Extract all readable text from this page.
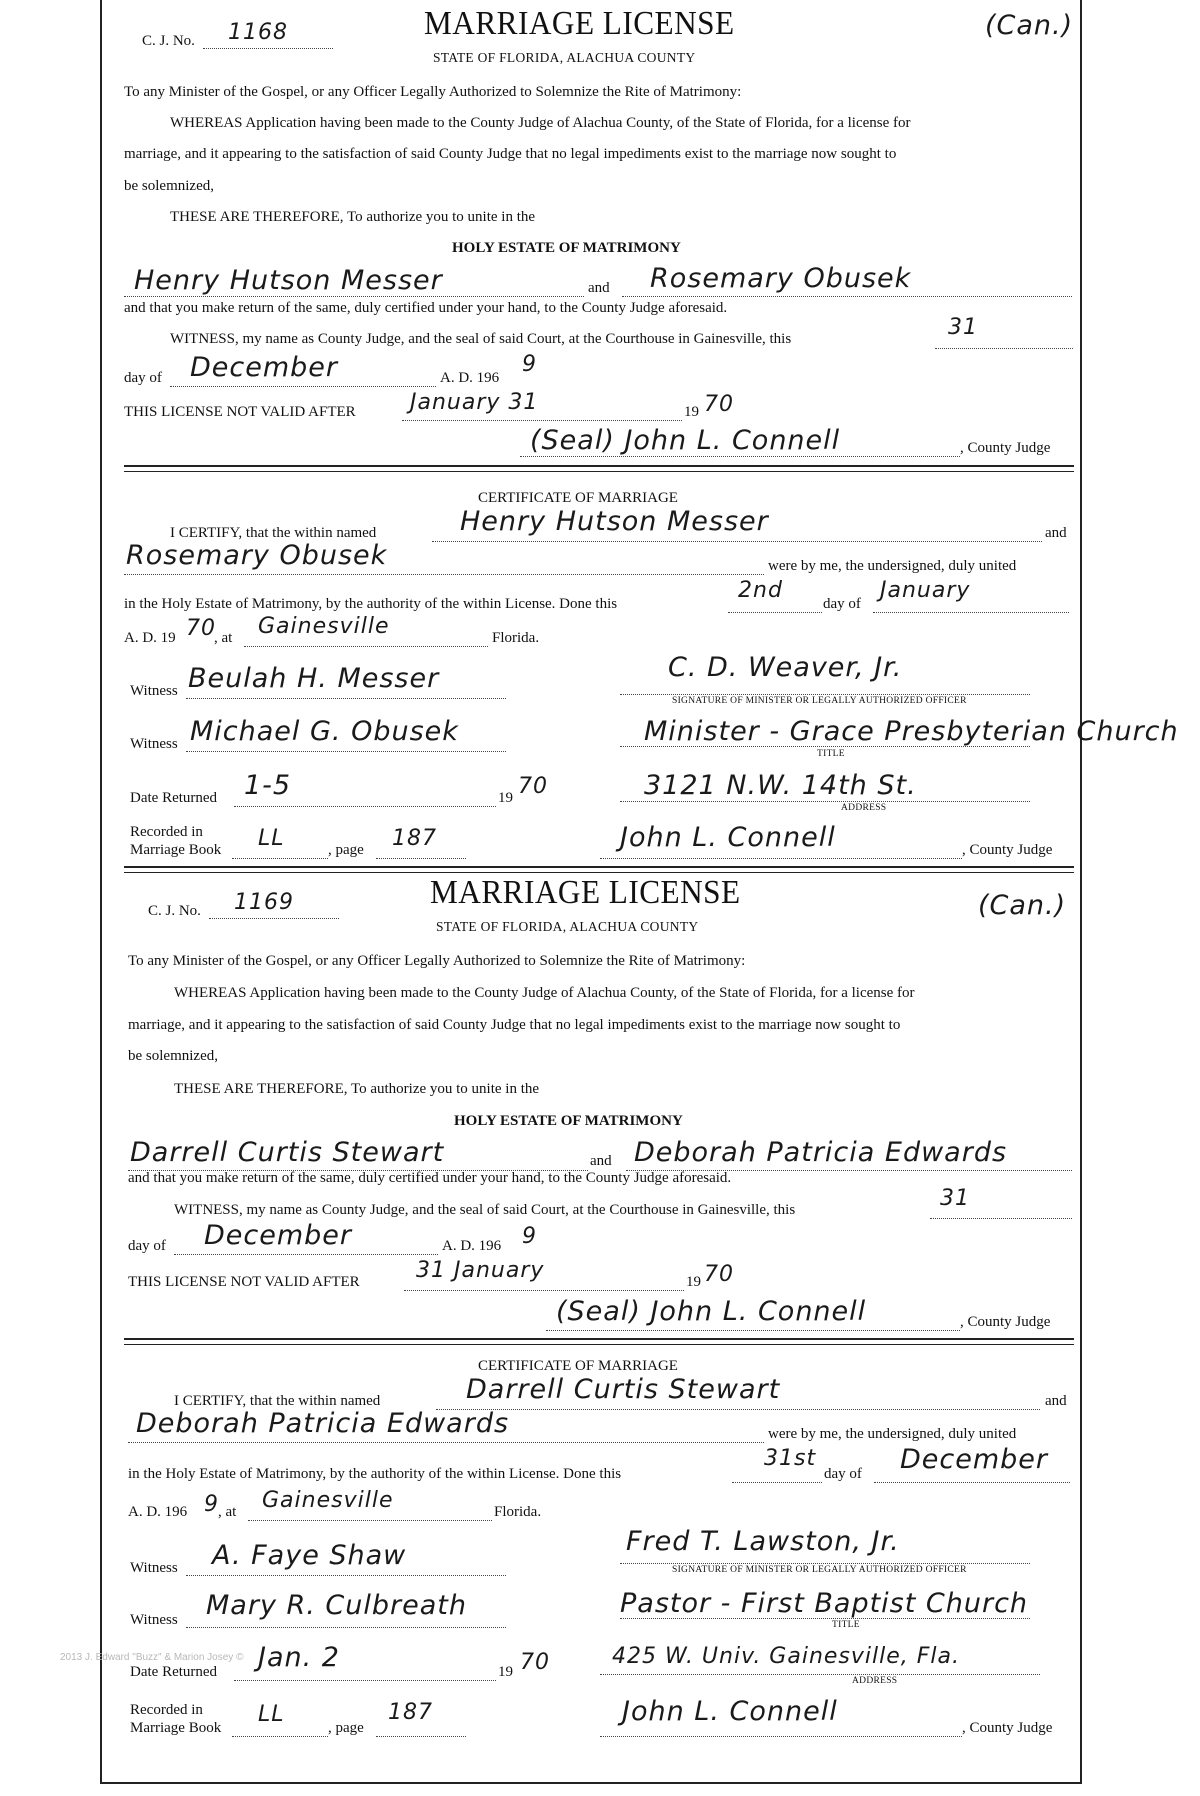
C. J. No. 1168	MARRIAGE LICENSE
STATE OF FLORIDA, ALACHUA COUNTY
(Can.)
To any Minister of the Gospel, or any Officer Legally Authorized to Solemnize the Rite of Matrimony:
WHEREAS Application having been made to the County Judge of Alachua County, of the State of Florida, for a license for
marriage, and it appearing to the satisfaction of said County Judge that no legal impediments exist to the marriage now sought to
be solemnized,
THESE ARE THEREFORE, To authorize you to unite in the
HOLY ESTATE OF MATRIMONY
Henry Hutson Messer	and Rosemary Obusek
and that you make return of the same, duly certified under your hand, to the County Judge aforesaid.
WITNESS, my name as County Judge, and the seal of said Court, at the Courthouse in Gainesville, this	31
day of December	A. D. 196
9
THIS LICENSE NOT VALID AFTER January 31	19 70
(Seal) John L. Connell	, County Judge
CERTIFICATE OF MARRIAGE
I CERTIFY, that the within named	Henry Hutson Messer	and
Rosemary Obusek	were by me, the undersigned, duly united
in the Holy Estate of Matrimony, by the authority of the within License. Done this
2nd
day of
January
A. D. 19 70
, at Gainesville	Florida.
Witness Beulah H. Messer	C. D. Weaver, Jr.
SIGNATURE OF MINISTER OR LEGALLY AUTHORIZED OFFICER
Witness Michael G. Obusek	Minister - Grace Presbyterian Church
TITLE
Date Returned 1-5	19 70	3121 N.W. 14th St.
ADDRESS
Recorded in
Marriage Book LL	, page 187	John L. Connell	, County Judge
C. J. No. 1169	MARRIAGE LICENSE
STATE OF FLORIDA, ALACHUA COUNTY
(Can.)
To any Minister of the Gospel, or any Officer Legally Authorized to Solemnize the Rite of Matrimony:
WHEREAS Application having been made to the County Judge of Alachua County, of the State of Florida, for a license for
marriage, and it appearing to the satisfaction of said County Judge that no legal impediments exist to the marriage now sought to
be solemnized,
THESE ARE THEREFORE, To authorize you to unite in the
HOLY ESTATE OF MATRIMONY
Darrell Curtis Stewart	and Deborah Patricia Edwards
and that you make return of the same, duly certified under your hand, to the County Judge aforesaid.
WITNESS, my name as County Judge, and the seal of said Court, at the Courthouse in Gainesville, this	31
day of December	A. D. 196 9
THIS LICENSE NOT VALID AFTER	31 January	19 70
(Seal) John L. Connell	, County Judge
CERTIFICATE OF MARRIAGE
I CERTIFY, that the within named	Darrell Curtis Stewart	and
Deborah Patricia Edwards	were by me, the undersigned, duly united
in the Holy Estate of Matrimony, by the authority of the within License. Done this
31st
day of December
A. D. 196 9 , at Gainesville	Florida.
Witness A. Faye Shaw	Fred T. Lawston, Jr.
SIGNATURE OF MINISTER OR LEGALLY AUTHORIZED OFFICER
Witness Mary R. Culbreath	Pastor - First Baptist Church
TITLE
Date Returned Jan. 2	19 70	425 W. Univ. Gainesville, Fla.
ADDRESS
Recorded in
Marriage Book
LL
, page
187	John L. Connell
, County Judge
2013 J. Edward "Buzz" & Marion Josey ©
